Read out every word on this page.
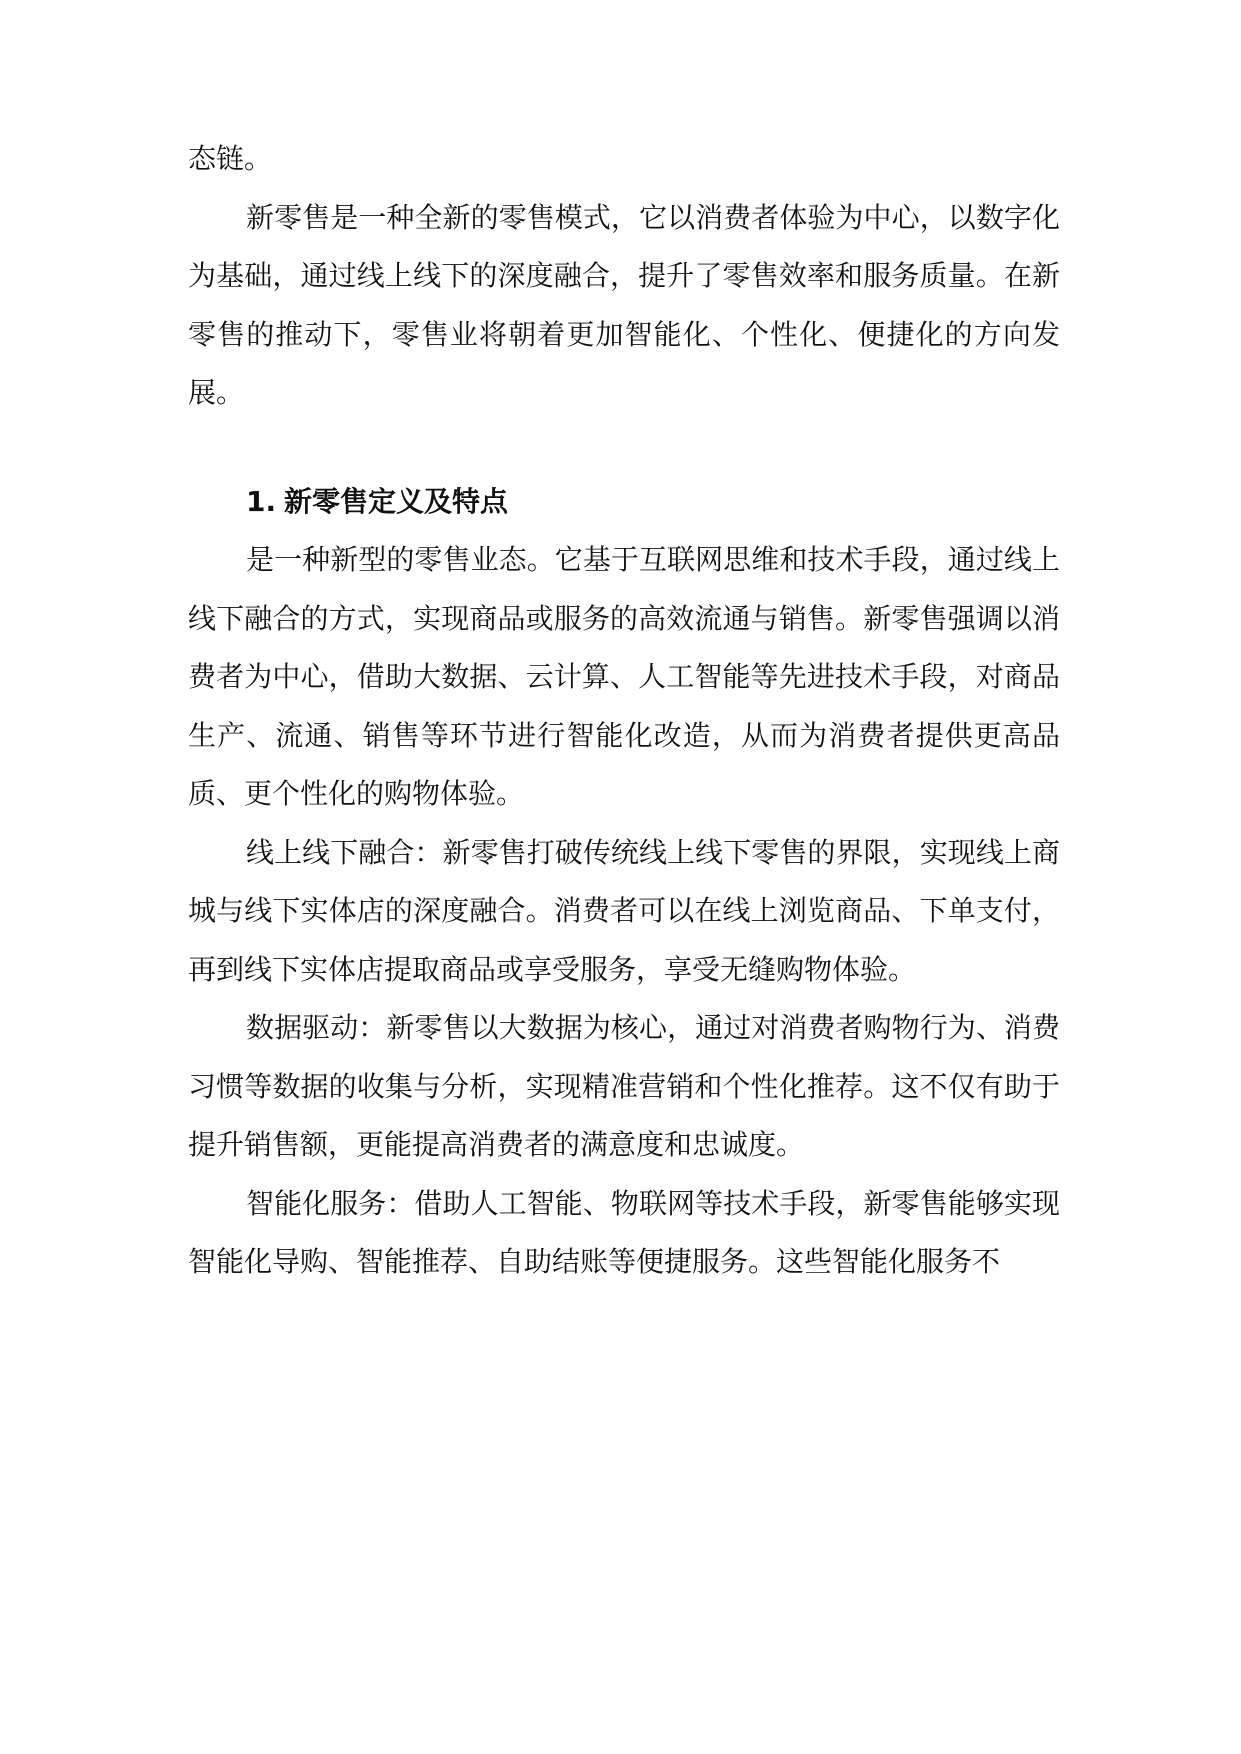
态链。

新零售是一种全新的零售模式，它以消费者体验为中心，以数字化为基础，通过线上线下的深度融合，提升了零售效率和服务质量。在新零售的推动下，零售业将朝着更加智能化、个性化、便捷化的方向发展。

1. 新零售定义及特点

是一种新型的零售业态。它基于互联网思维和技术手段，通过线上线下融合的方式，实现商品或服务的高效流通与销售。新零售强调以消费者为中心，借助大数据、云计算、人工智能等先进技术手段，对商品生产、流通、销售等环节进行智能化改造，从而为消费者提供更高品质、更个性化的购物体验。

线上线下融合：新零售打破传统线上线下零售的界限，实现线上商城与线下实体店的深度融合。消费者可以在线上浏览商品、下单支付，再到线下实体店提取商品或享受服务，享受无缝购物体验。

数据驱动：新零售以大数据为核心，通过对消费者购物行为、消费习惯等数据的收集与分析，实现精准营销和个性化推荐。这不仅有助于提升销售额，更能提高消费者的满意度和忠诚度。

智能化服务：借助人工智能、物联网等技术手段，新零售能够实现智能化导购、智能推荐、自助结账等便捷服务。这些智能化服务不
